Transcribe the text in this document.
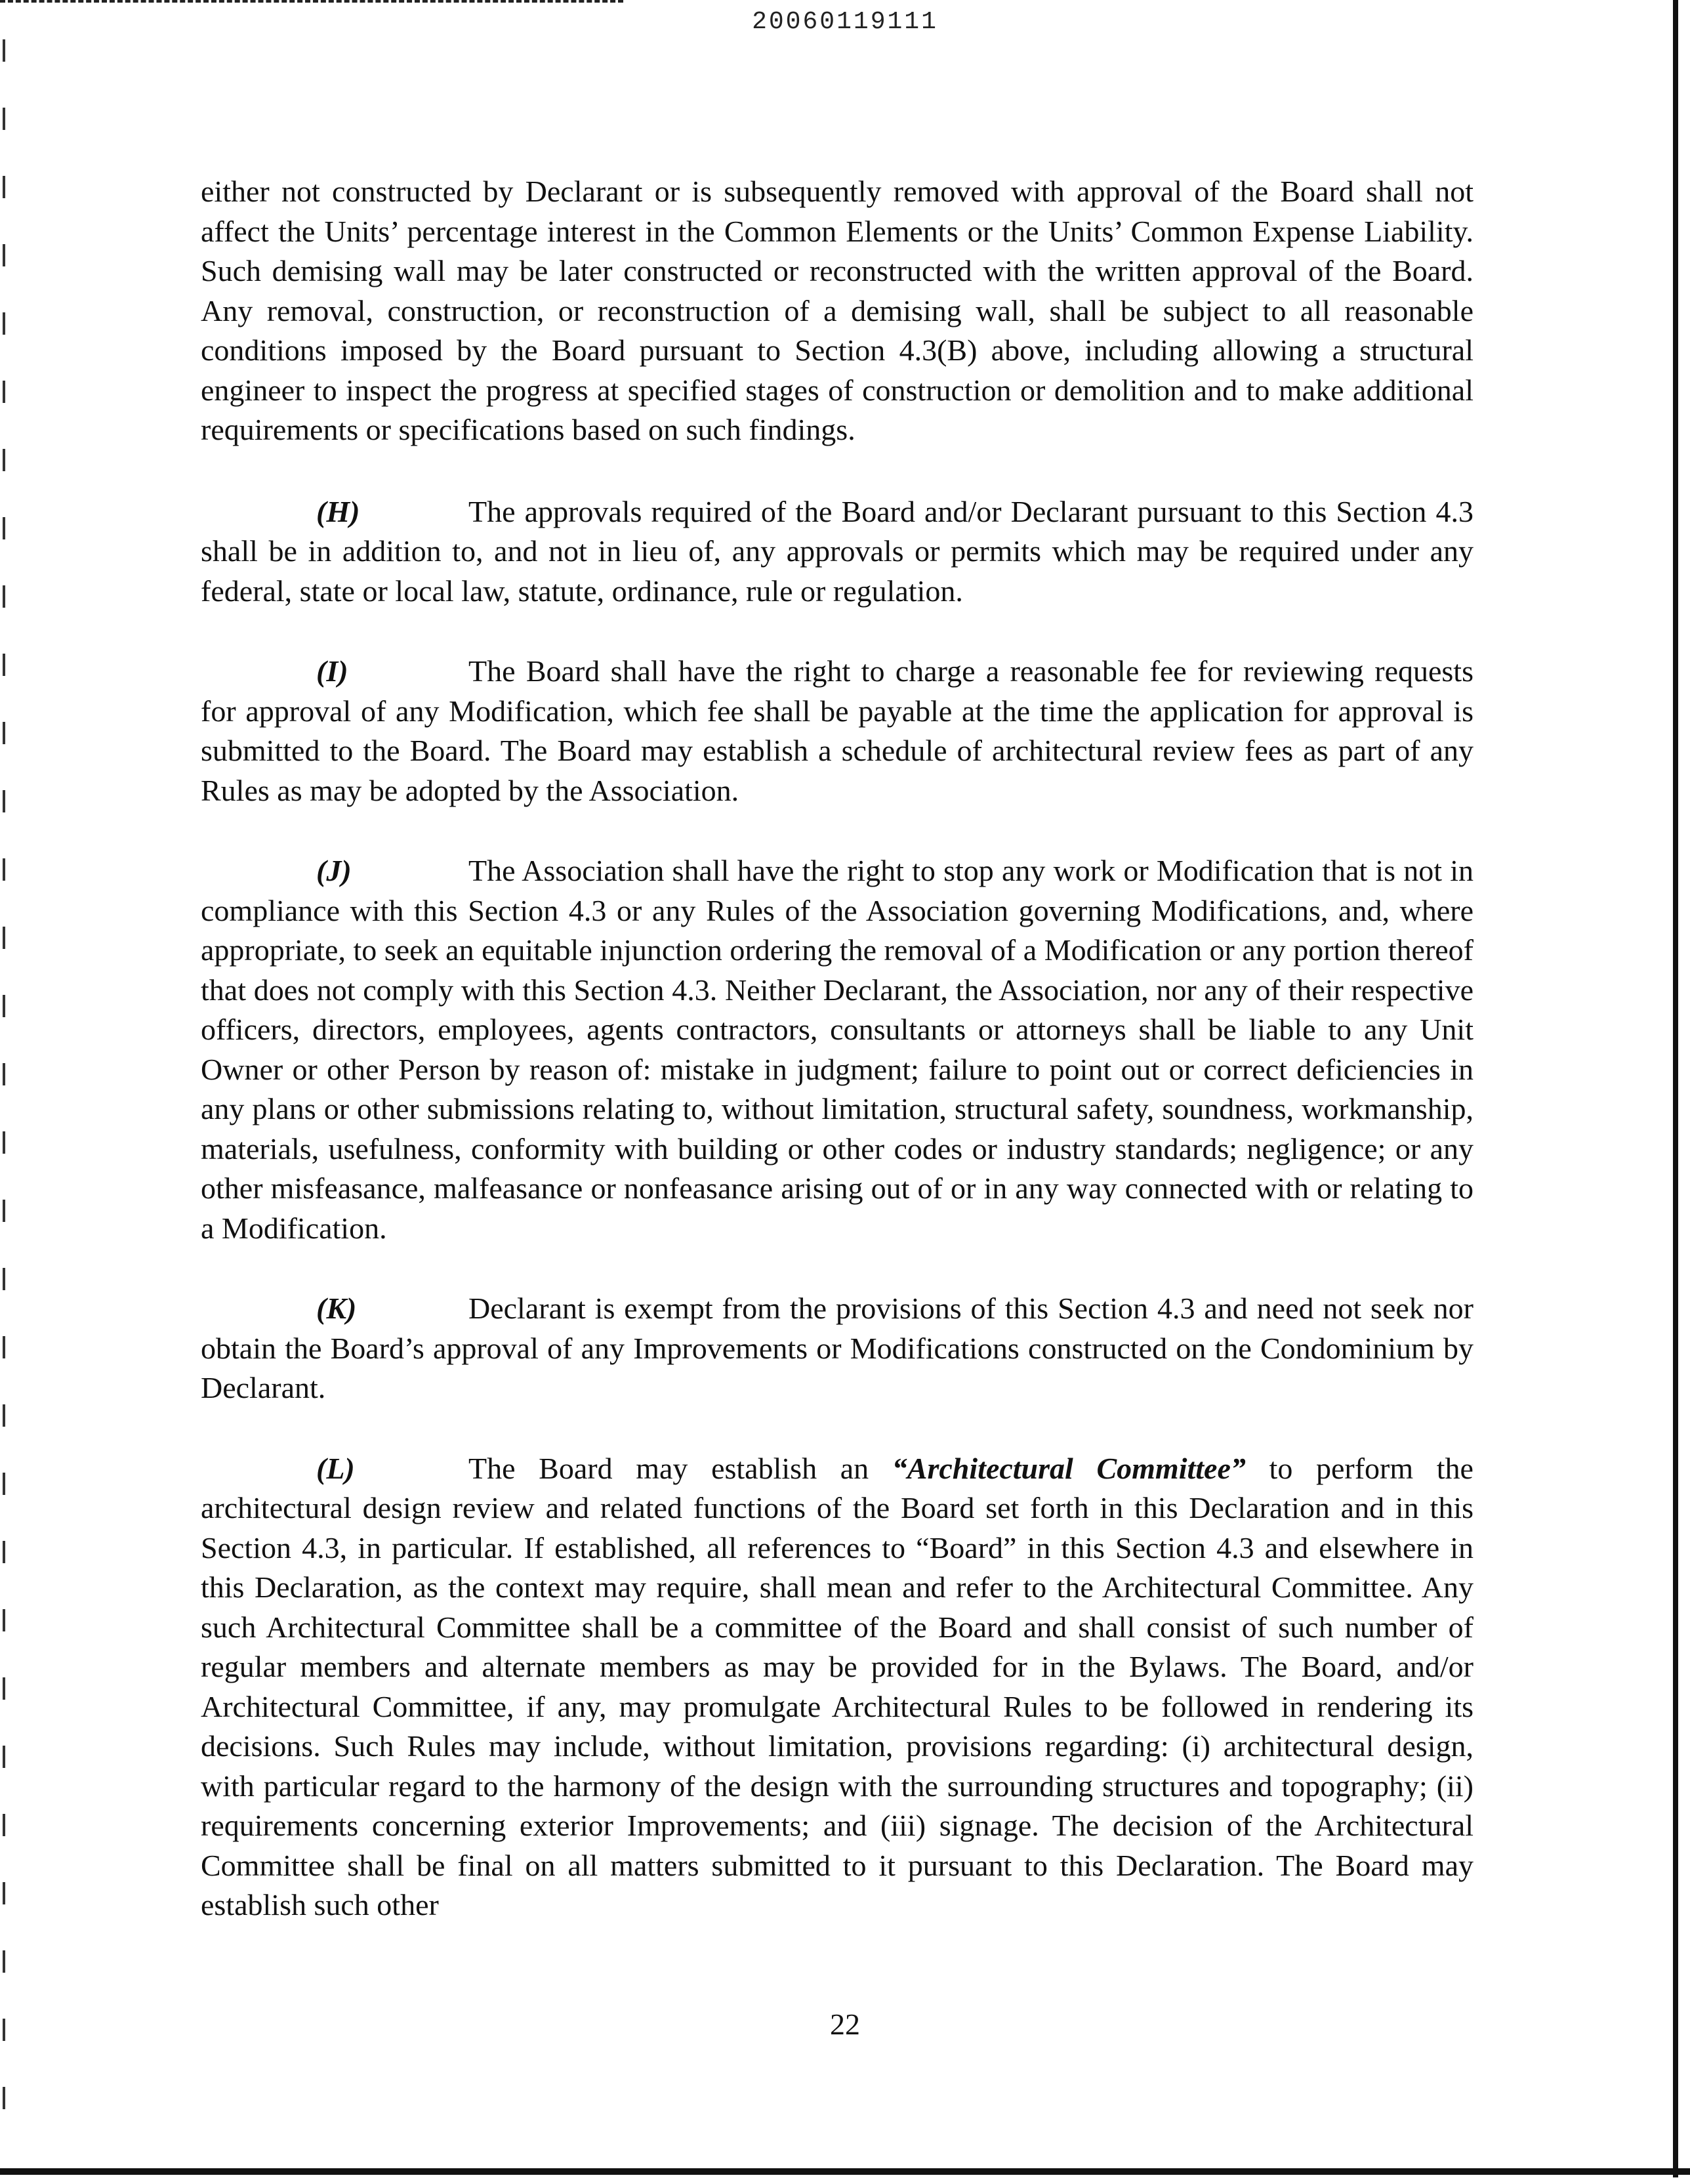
20060119111

either not constructed by Declarant or is subsequently removed with approval of the Board shall not affect the Units’ percentage interest in the Common Elements or the Units’ Common Expense Liability. Such demising wall may be later constructed or reconstructed with the written approval of the Board. Any removal, construction, or reconstruction of a demising wall, shall be subject to all reasonable conditions imposed by the Board pursuant to Section 4.3(B) above, including allowing a structural engineer to inspect the progress at specified stages of construction or demolition and to make additional requirements or specifications based on such findings.

(H)	The approvals required of the Board and/or Declarant pursuant to this Section 4.3 shall be in addition to, and not in lieu of, any approvals or permits which may be required under any federal, state or local law, statute, ordinance, rule or regulation.

(I)	The Board shall have the right to charge a reasonable fee for reviewing requests for approval of any Modification, which fee shall be payable at the time the application for approval is submitted to the Board. The Board may establish a schedule of architectural review fees as part of any Rules as may be adopted by the Association.

(J)	The Association shall have the right to stop any work or Modification that is not in compliance with this Section 4.3 or any Rules of the Association governing Modifications, and, where appropriate, to seek an equitable injunction ordering the removal of a Modification or any portion thereof that does not comply with this Section 4.3. Neither Declarant, the Association, nor any of their respective officers, directors, employees, agents contractors, consultants or attorneys shall be liable to any Unit Owner or other Person by reason of: mistake in judgment; failure to point out or correct deficiencies in any plans or other submissions relating to, without limitation, structural safety, soundness, workmanship, materials, usefulness, conformity with building or other codes or industry standards; negligence; or any other misfeasance, malfeasance or nonfeasance arising out of or in any way connected with or relating to a Modification.

(K)	Declarant is exempt from the provisions of this Section 4.3 and need not seek nor obtain the Board’s approval of any Improvements or Modifications constructed on the Condominium by Declarant.

(L)	The Board may establish an “Architectural Committee” to perform the architectural design review and related functions of the Board set forth in this Declaration and in this Section 4.3, in particular. If established, all references to “Board” in this Section 4.3 and elsewhere in this Declaration, as the context may require, shall mean and refer to the Architectural Committee. Any such Architectural Committee shall be a committee of the Board and shall consist of such number of regular members and alternate members as may be provided for in the Bylaws. The Board, and/or Architectural Committee, if any, may promulgate Architectural Rules to be followed in rendering its decisions. Such Rules may include, without limitation, provisions regarding: (i) architectural design, with particular regard to the harmony of the design with the surrounding structures and topography; (ii) requirements concerning exterior Improvements; and (iii) signage. The decision of the Architectural Committee shall be final on all matters submitted to it pursuant to this Declaration. The Board may establish such other

22
